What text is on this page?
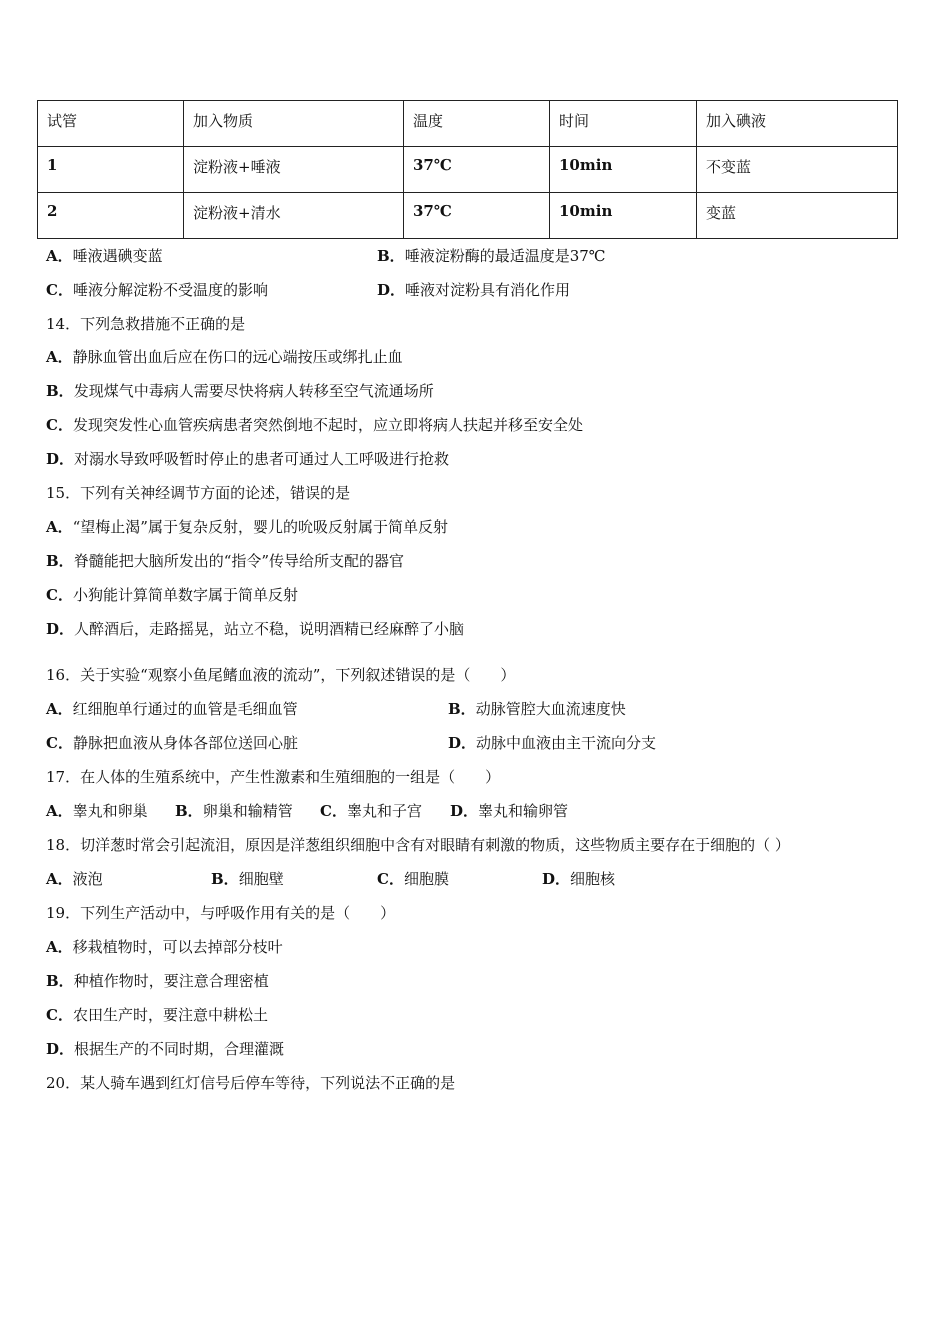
试管	加入物质	温度	时间	加入碘液
1	淀粉液+唾液	37℃	10min	不变蓝
2	淀粉液+清水	37℃	10min	变蓝
A．唾液遇碘变蓝	B．唾液淀粉酶的最适温度是37℃
C．唾液分解淀粉不受温度的影响	D．唾液对淀粉具有消化作用
14．下列急救措施不正确的是
A．静脉血管出血后应在伤口的远心端按压或绑扎止血
B．发现煤气中毒病人需要尽快将病人转移至空气流通场所
C．发现突发性心血管疾病患者突然倒地不起时，应立即将病人扶起并移至安全处
D．对溺水导致呼吸暂时停止的患者可通过人工呼吸进行抢救
15．下列有关神经调节方面的论述，错误的是
A．“望梅止渴”属于复杂反射，婴儿的吮吸反射属于简单反射
B．脊髓能把大脑所发出的“指令”传导给所支配的器官
C．小狗能计算简单数字属于简单反射
D．人醉酒后，走路摇晃，站立不稳，说明酒精已经麻醉了小脑
16．关于实验“观察小鱼尾鳍血液的流动”，下列叙述错误的是（　　）
A．红细胞单行通过的血管是毛细血管	B．动脉管腔大血流速度快
C．静脉把血液从身体各部位送回心脏	D．动脉中血液由主干流向分支
17．在人体的生殖系统中，产生性激素和生殖细胞的一组是（　　）
A．睾丸和卵巢 B．卵巢和输精管 C．睾丸和子宫 D．睾丸和输卵管
18．切洋葱时常会引起流泪，原因是洋葱组织细胞中含有对眼睛有刺激的物质，这些物质主要存在于细胞的（ ）
A．液泡	B．细胞壁	C．细胞膜	D．细胞核
19．下列生产活动中，与呼吸作用有关的是（　　）
A．移栽植物时，可以去掉部分枝叶
B．种植作物时，要注意合理密植
C．农田生产时，要注意中耕松土
D．根据生产的不同时期，合理灌溉
20．某人骑车遇到红灯信号后停车等待，下列说法不正确的是
